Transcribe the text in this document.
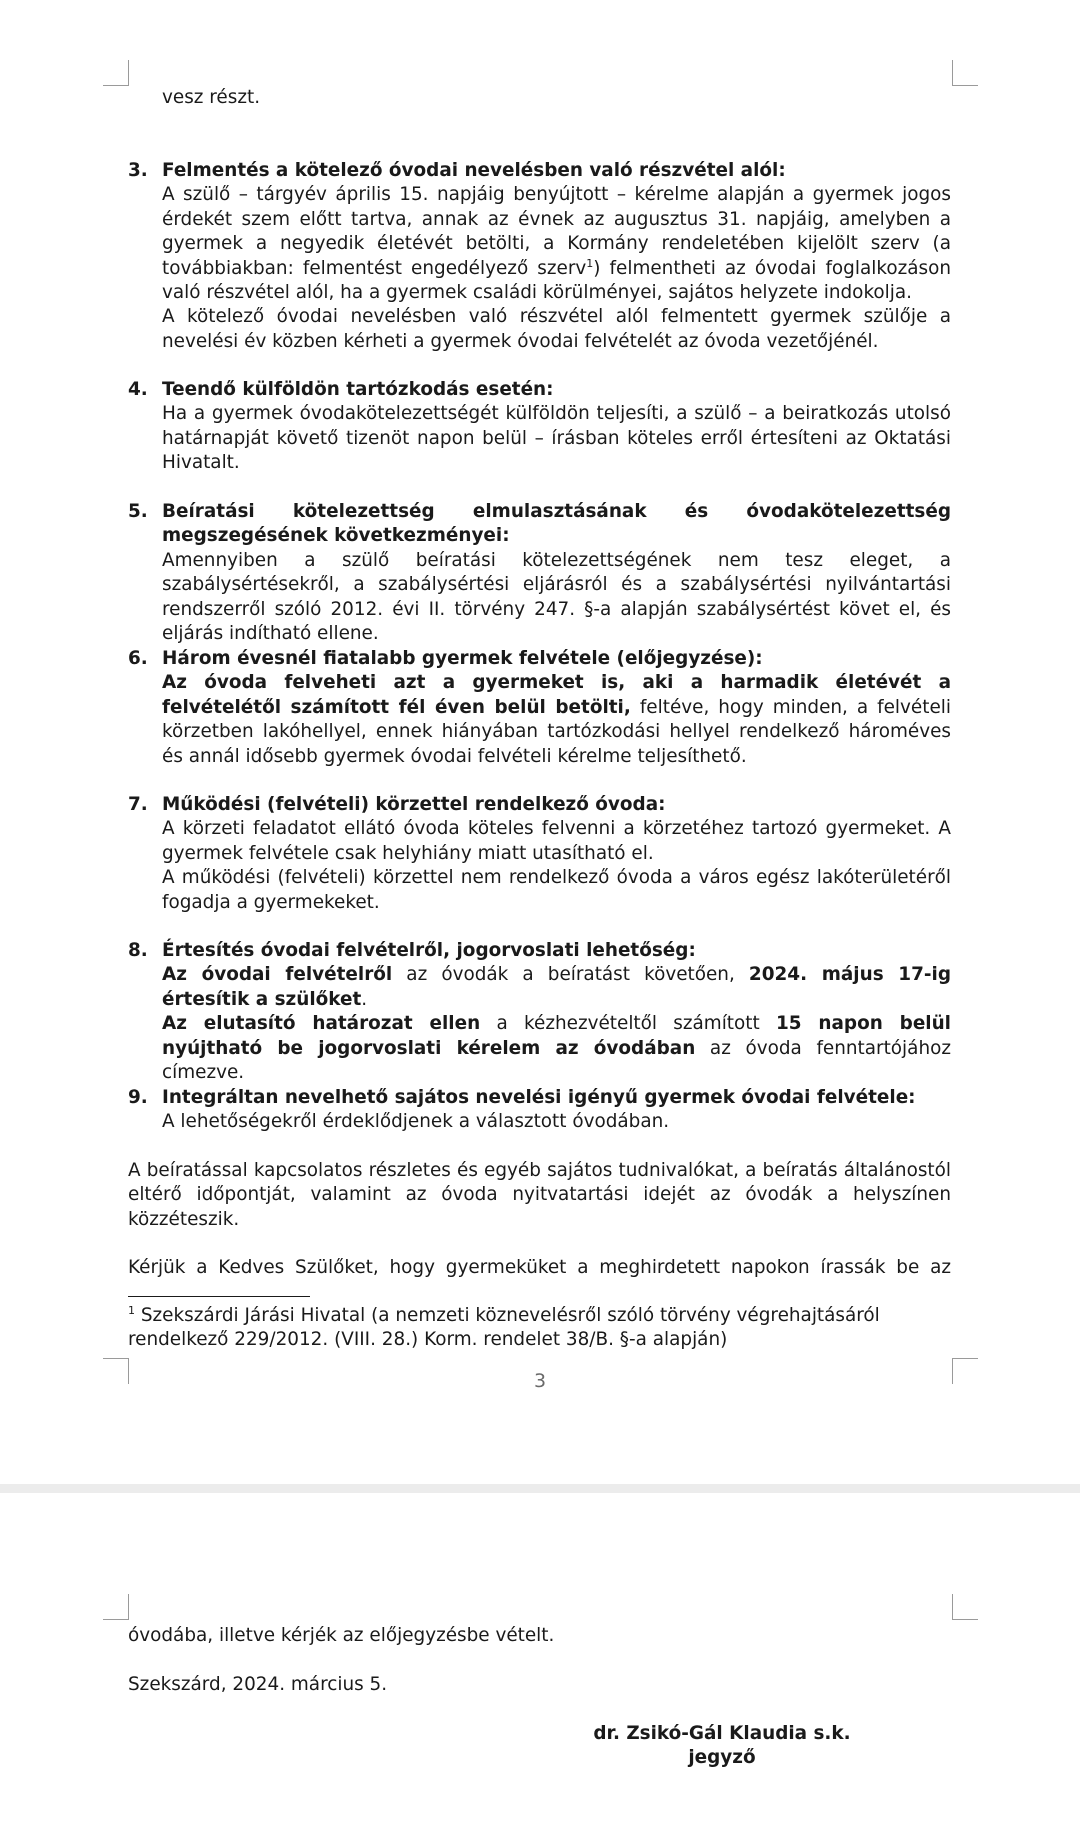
vesz részt.
3. Felmentés a kötelező óvodai nevelésben való részvétel alól:

A szülő – tárgyév április 15. napjáig benyújtott – kérelme alapján a gyermek jogos érdekét szem előtt tartva, annak az évnek az augusztus 31. napjáig, amelyben a gyermek a negyedik életévét betölti, a Kormány rendeletében kijelölt szerv (a továbbiakban: felmentést engedélyező szerv$^1$) felmentheti az óvodai foglalkozáson való részvétel alól, ha a gyermek családi körülményei, sajátos helyzete indokolja.

A kötelező óvodai nevelésben való részvétel alól felmentett gyermek szülője a nevelési év közben kérheti a gyermek óvodai felvételét az óvoda vezetőjénél.

4. Teendő külföldön tartózkodás esetén:

Ha a gyermek óvodakötelezettségét külföldön teljesíti, a szülő – a beiratkozás utolsó határnapját követő tizenöt napon belül – írásban köteles erről értesíteni az Oktatási Hivatalt.

5. Beíratási kötelezettség elmulasztásának és óvodakötelezettség megszegésének következményei:

Amennyiben a szülő beíratási kötelezettségének nem tesz eleget, a szabálysértésekről, a szabálysértési eljárásról és a szabálysértési nyilvántartási rendszerről szóló 2012. évi II. törvény 247. §-a alapján szabálysértést követ el, és eljárás indítható ellene.

6. Három évesnél fiatalabb gyermek felvétele (előjegyzése):

Az óvoda felveheti azt a gyermeket is, aki a harmadik életévét a felvételétől számított fél éven belül betölti, feltéve, hogy minden, a felvételi körzetben lakóhellyel, ennek hiányában tartózkodási hellyel rendelkező hároméves és annál idősebb gyermek óvodai felvételi kérelme teljesíthető.

7. Működési (felvételi) körzettel rendelkező óvoda:

A körzeti feladatot ellátó óvoda köteles felvenni a körzetéhez tartozó gyermeket. A gyermek felvétele csak helyhiány miatt utasítható el.

A működési (felvételi) körzettel nem rendelkező óvoda a város egész lakóterületéről fogadja a gyermekeket.

8. Értesítés óvodai felvételről, jogorvoslati lehetőség:

Az óvodai felvételről az óvodák a beíratást követően, 2024. május 17-ig értesítik a szülőket.

Az elutasító határozat ellen a kézhezvételtől számított 15 napon belül nyújtható be jogorvoslati kérelem az óvodában az óvoda fenntartójához címezve.

9. Integráltan nevelhető sajátos nevelési igényű gyermek óvodai felvétele:

A lehetőségekről érdeklődjenek a választott óvodában.

A beíratással kapcsolatos részletes és egyéb sajátos tudnivalókat, a beíratás általánostól eltérő időpontját, valamint az óvoda nyitvatartási idejét az óvodák a helyszínen közzéteszik.
Kérjük a Kedves Szülőket, hogy gyermeküket a meghirdetett napokon írassák be az
$^1$ Szekszárdi Járási Hivatal (a nemzeti köznevelésről szóló törvény végrehajtásáról rendelkező 229/2012. (VIII. 28.) Korm. rendelet 38/B. §-a alapján)
3
óvodába, illetve kérjék az előjegyzésbe vételt.
Szekszárd, 2024. március 5.
dr. Zsikó-Gál Klaudia s.k.
jegyző
